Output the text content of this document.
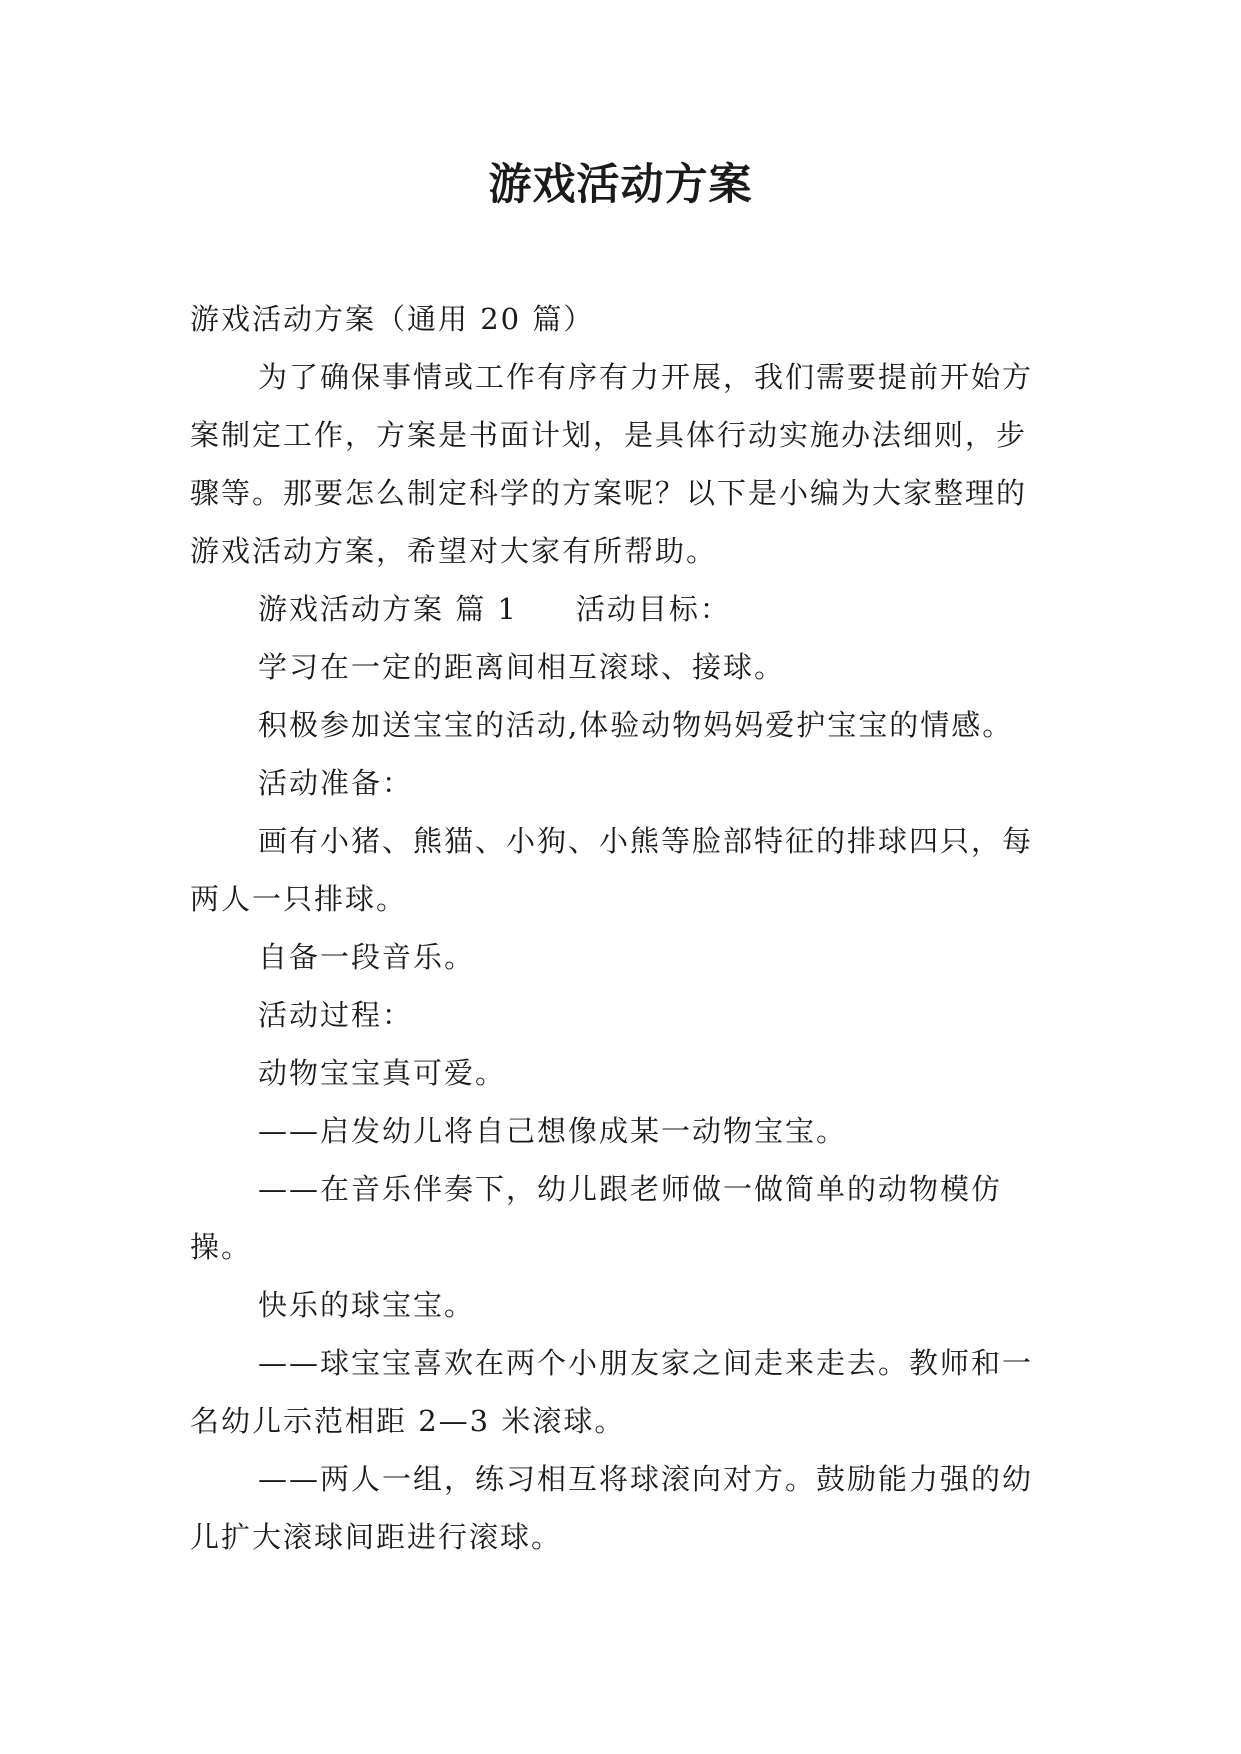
游戏活动方案

游戏活动方案（通用 20 篇）

为了确保事情或工作有序有力开展，我们需要提前开始方案制定工作，方案是书面计划，是具体行动实施办法细则，步骤等。那要怎么制定科学的方案呢？以下是小编为大家整理的游戏活动方案，希望对大家有所帮助。

游戏活动方案 篇 1 活动目标：

学习在一定的距离间相互滚球、接球。

积极参加送宝宝的活动,体验动物妈妈爱护宝宝的情感。

活动准备：

画有小猪、熊猫、小狗、小熊等脸部特征的排球四只，每两人一只排球。

自备一段音乐。

活动过程：

动物宝宝真可爱。

——启发幼儿将自己想像成某一动物宝宝。

——在音乐伴奏下，幼儿跟老师做一做简单的动物模仿操。

快乐的球宝宝。

——球宝宝喜欢在两个小朋友家之间走来走去。教师和一名幼儿示范相距 2—3 米滚球。

——两人一组，练习相互将球滚向对方。鼓励能力强的幼儿扩大滚球间距进行滚球。
